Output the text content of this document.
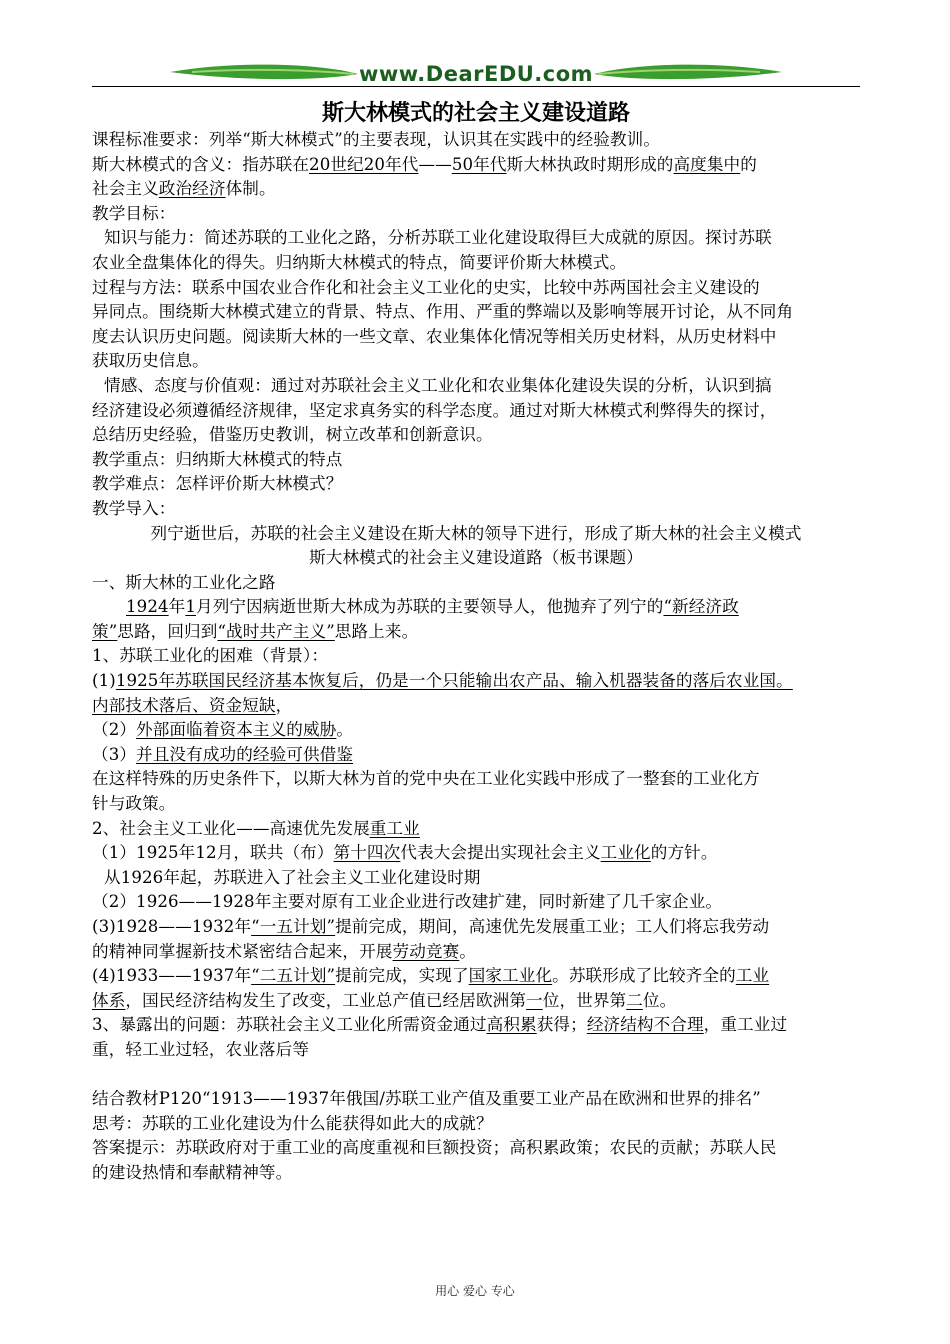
www.DearEDU.com
斯大林模式的社会主义建设道路

课程标准要求：列举“斯大林模式”的主要表现，认识其在实践中的经验教训。

斯大林模式的含义：指苏联在20世纪20年代——50年代斯大林执政时期形成的高度集中的

社会主义政治经济体制。

教学目标：

知识与能力：简述苏联的工业化之路，分析苏联工业化建设取得巨大成就的原因。探讨苏联

农业全盘集体化的得失。归纳斯大林模式的特点，简要评价斯大林模式。

过程与方法：联系中国农业合作化和社会主义工业化的史实，比较中苏两国社会主义建设的

异同点。围绕斯大林模式建立的背景、特点、作用、严重的弊端以及影响等展开讨论，从不同角

度去认识历史问题。阅读斯大林的一些文章、农业集体化情况等相关历史材料，从历史材料中

获取历史信息。

情感、态度与价值观：通过对苏联社会主义工业化和农业集体化建设失误的分析，认识到搞

经济建设必须遵循经济规律，坚定求真务实的科学态度。通过对斯大林模式利弊得失的探讨，

总结历史经验，借鉴历史教训，树立改革和创新意识。

教学重点：归纳斯大林模式的特点

教学难点：怎样评价斯大林模式？

教学导入：

列宁逝世后，苏联的社会主义建设在斯大林的领导下进行，形成了斯大林的社会主义模式

斯大林模式的社会主义建设道路（板书课题）

一、斯大林的工业化之路

1924年1月列宁因病逝世斯大林成为苏联的主要领导人，他抛弃了列宁的“新经济政

策”思路，回归到“战时共产主义”思路上来。

1、苏联工业化的困难（背景）：

(1)1925年苏联国民经济基本恢复后，仍是一个只能输出农产品、输入机器装备的落后农业国。

内部技术落后、资金短缺，

（2）外部面临着资本主义的威胁。

（3）并且没有成功的经验可供借鉴

在这样特殊的历史条件下，以斯大林为首的党中央在工业化实践中形成了一整套的工业化方

针与政策。

2、社会主义工业化——高速优先发展重工业

（1）1925年12月，联共（布）第十四次代表大会提出实现社会主义工业化的方针。

从1926年起，苏联进入了社会主义工业化建设时期

（2）1926——1928年主要对原有工业企业进行改建扩建，同时新建了几千家企业。

(3)1928——1932年“一五计划”提前完成，期间，高速优先发展重工业；工人们将忘我劳动

的精神同掌握新技术紧密结合起来，开展劳动竞赛。

(4)1933——1937年“二五计划”提前完成，实现了国家工业化。苏联形成了比较齐全的工业

体系，国民经济结构发生了改变，工业总产值已经居欧洲第一位，世界第二位。

3、暴露出的问题：苏联社会主义工业化所需资金通过高积累获得；经济结构不合理，重工业过

重，轻工业过轻，农业落后等

结合教材P120“1913——1937年俄国/苏联工业产值及重要工业产品在欧洲和世界的排名”

思考：苏联的工业化建设为什么能获得如此大的成就？

答案提示：苏联政府对于重工业的高度重视和巨额投资；高积累政策；农民的贡献；苏联人民

的建设热情和奉献精神等。

用心 爱心 专心
